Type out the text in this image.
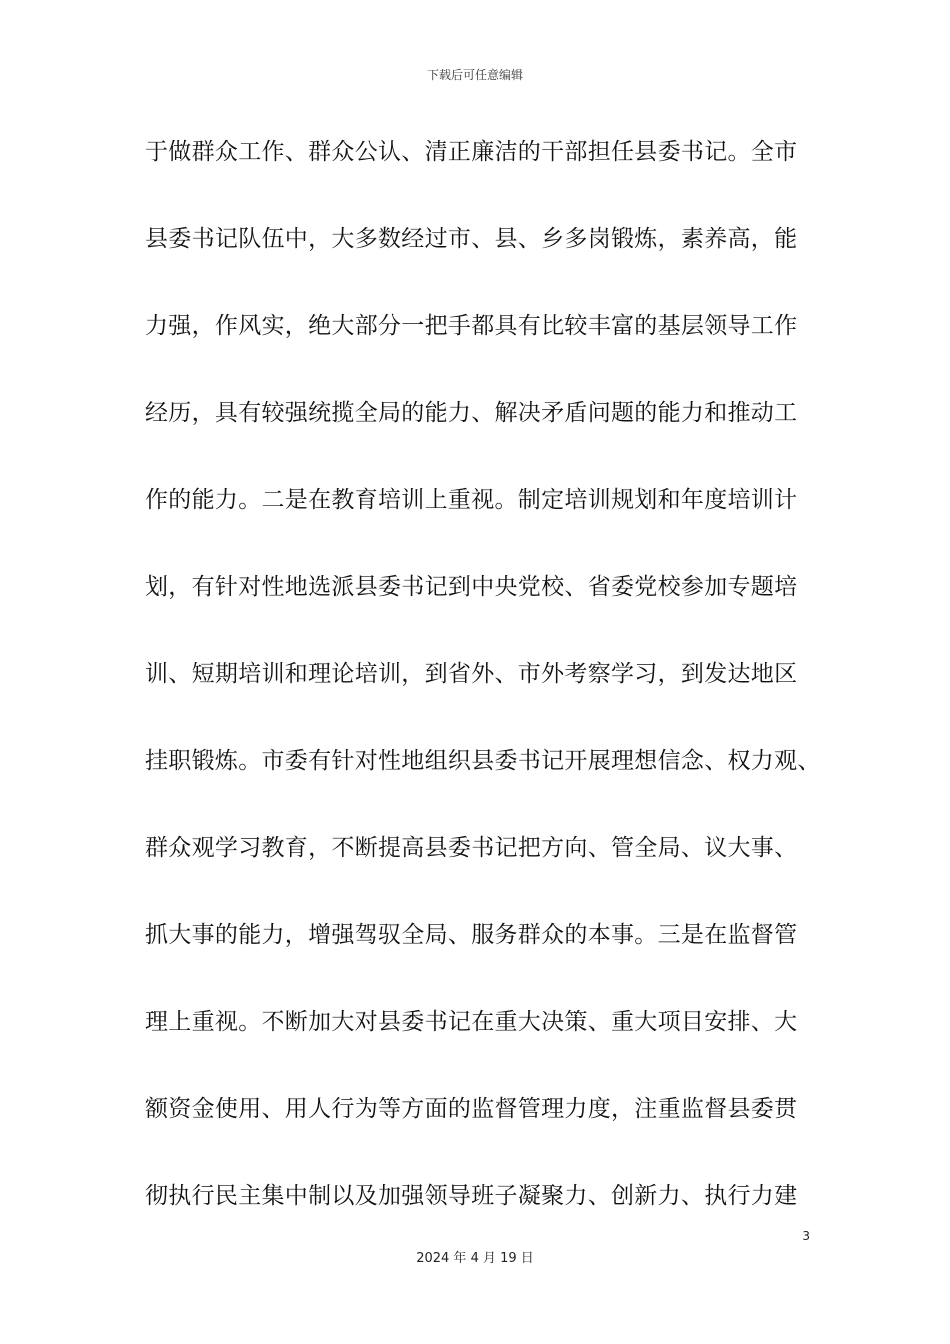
下载后可任意编辑
于做群众工作、群众公认、清正廉洁的干部担任县委书记。全市
县委书记队伍中，大多数经过市、县、乡多岗锻炼，素养高，能
力强，作风实，绝大部分一把手都具有比较丰富的基层领导工作
经历，具有较强统揽全局的能力、解决矛盾问题的能力和推动工
作的能力。二是在教育培训上重视。制定培训规划和年度培训计
划，有针对性地选派县委书记到中央党校、省委党校参加专题培
训、短期培训和理论培训，到省外、市外考察学习，到发达地区
挂职锻炼。市委有针对性地组织县委书记开展理想信念、权力观、
群众观学习教育，不断提高县委书记把方向、管全局、议大事、
抓大事的能力，增强驾驭全局、服务群众的本事。三是在监督管
理上重视。不断加大对县委书记在重大决策、重大项目安排、大
额资金使用、用人行为等方面的监督管理力度，注重监督县委贯
彻执行民主集中制以及加强领导班子凝聚力、创新力、执行力建
3
2024 年 4 月 19 日
